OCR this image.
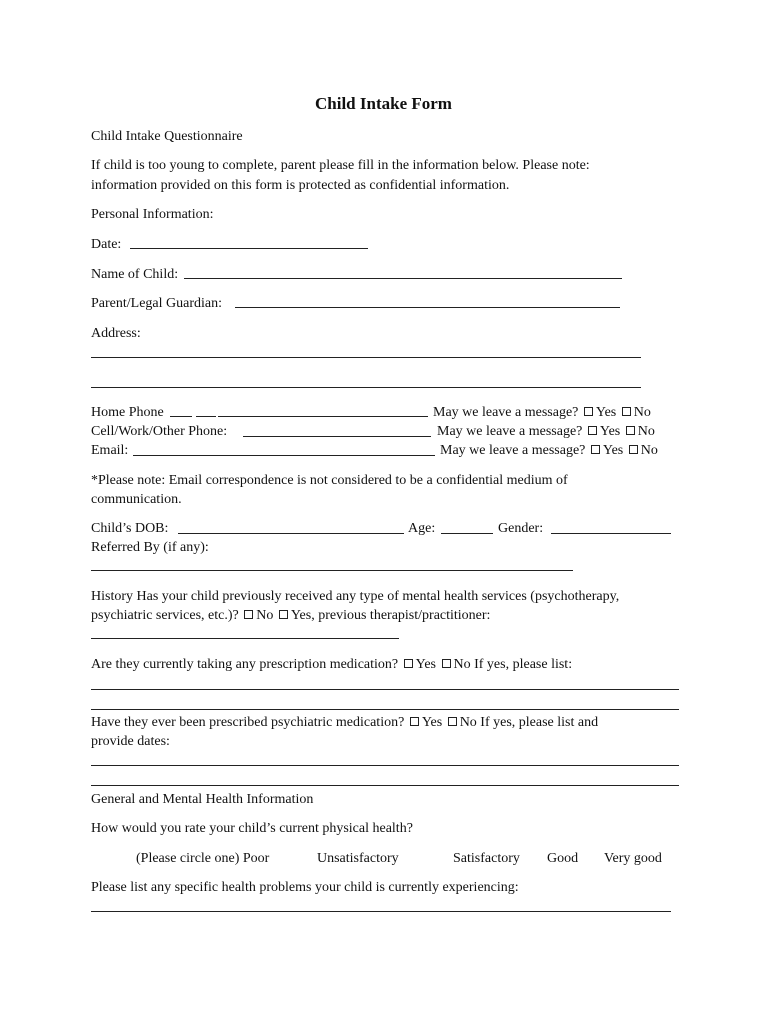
Child Intake Form
Child Intake Questionnaire
If child is too young to complete, parent please fill in the information below. Please note:
information provided on this form is protected as confidential information.
Personal Information:
Date:
Name of Child:
Parent/Legal Guardian:
Address:
Home Phone	May we leave a message? Yes No
Cell/Work/Other Phone:	May we leave a message? Yes No
Email:	May we leave a message? Yes No
*Please note: Email correspondence is not considered to be a confidential medium of
communication.
Child’s DOB:	Age:	Gender:
Referred By (if any):
History Has your child previously received any type of mental health services (psychotherapy,
psychiatric services, etc.)? No Yes, previous therapist/practitioner:
Are they currently taking any prescription medication? Yes No If yes, please list:
Have they ever been prescribed psychiatric medication? Yes No If yes, please list and
provide dates:
General and Mental Health Information
How would you rate your child’s current physical health?
(Please circle one) Poor	Unsatisfactory	Satisfactory Good Very good
Please list any specific health problems your child is currently experiencing:
